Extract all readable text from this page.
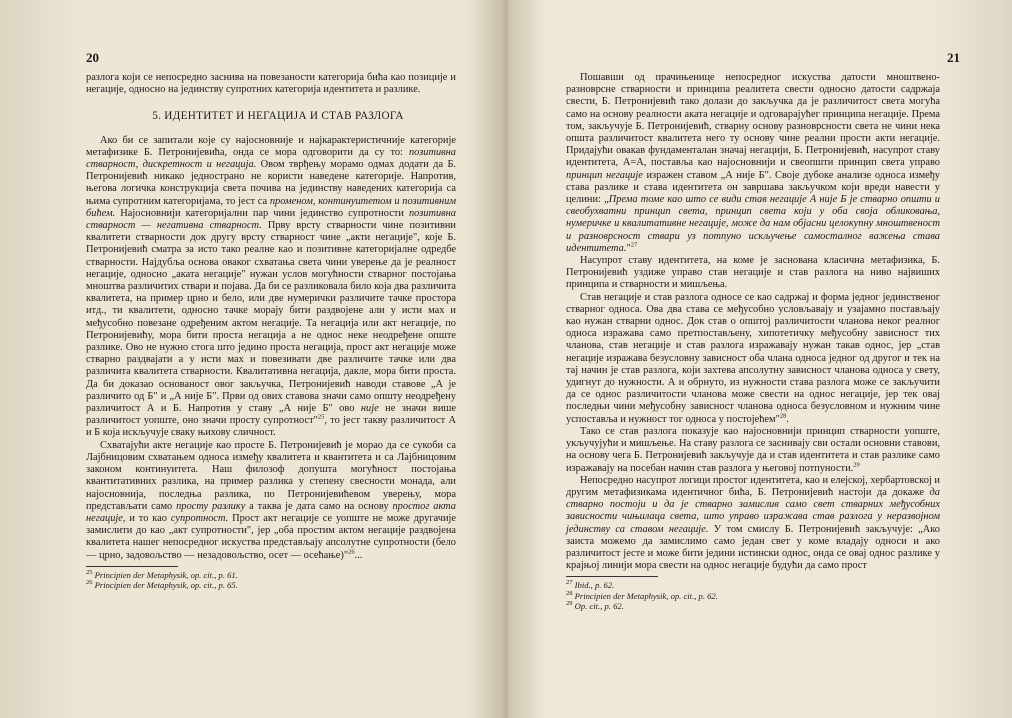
20

разлога који се непосредно заснива на повезаности категорија бића као позиције и негације, односно на јединству супротних категорија идентитета и разлике.

5. ИДЕНТИТЕТ И НЕГАЦИЈА И СТАВ РАЗЛОГА

Ако би се запитали које су најосновније и најкарактеристичније категорије метафизике Б. Петронијевића, онда се мора одговорити да су то: позитивна стварност, дискретност и негација. Овом тврђењу морамо одмах додати да Б. Петронијевић никако једнострано не користи наведене категорије. Напротив, његова логичка конструкција света почива на јединству наведених категорија са њима супротним категоријама, то јест са променом, континуитетом и позитивним бићем. Најосновнији категоријални пар чини јединство супротности позитивна стварност — негативна стварност. Прву врсту стварности чине позитивни квалитети стварности док другу врсту стварност чине „акти негације", које Б. Петронијевић сматра за исто тако реалне као и позитивне категоријалне одредбе стварности. Најдубља основа оваког схватања света чини уверење да је реалност негације, односно „аката негације" нужан услов могућности стварног постојања мноштва различитих ствари и појава. Да би се разликовала било која два различита квалитета, на пример црно и бело, или две нумерички различите тачке простора итд., ти квалитети, односно тачке морају бити раздвојене али у исти мах и међусобно повезане одређеним актом негације. Та негација или акт негације, по Петронијевићу, мора бити проста негација а не однос неке неодређене опште разлике. Ово не нужно стога што једино проста негација, прост акт негације може стварно раздвајати а у исти мах и повезивати две различите тачке или два различита квалитета стварности. Квалитативна негација, дакле, мора бити проста. Да би доказао основаност овог закључка, Петронијевић наводи ставове „А је различито од Б" и „А није Б". Први од ових ставова значи само општу неодређену различитост А и Б. Напротив у ставу „А није Б" ово није не значи више различитост уопште, оно значи просту супротност"$^{25}$, то јест такву различитост А и Б која искључује сваку њихову сличност.

Схватајући акте негације као просте Б. Петронијевић је морао да се сукоби са Лајбницовим схватањем односа између квалитета и квантитета и са Лајбницовим законом континуитета. Наш филозоф допушта могућност постојања квантитативних разлика, на пример разлика у степену свесности монада, али најосновнија, последња разлика, по Петронијевићевом уверењу, мора представљати само просту разлику а таква је дата само на основу простог акта негације, и то као супротност. Прост акт негације се уопште не може другачије замислити до као „акт супротности", јер „оба простим актом негације раздвојена квалитета нашег непосредног искуства представљају апсолутне супротности (бело — црно, задовољство — незадовољство, осет — осећање)"$^{26}$...

$^{25}$ Principien der Metaphysik, op. cit., p. 61.

$^{26}$ Principien der Metaphysik, op. cit., p. 65.

21

Пошавши од прачињенице непосредног искуства датости мноштвено-разноврсне стварности и принципа реалитета свести односно датости садржаја свести, Б. Петронијевић тако долази до закључка да је различитост света могућа само на основу реалности аката негације и одговарајућег принципа негације. Према том, закључује Б. Петронијевић, стварну основу разноврсности света не чини нека општа различитост квалитета него ту основу чине реални прости акти негације. Придајући овакав фундаменталан значај негацији, Б. Петронијевић, насупрот ставу идентитета, А=А, поставља као најосновнији и свеопшти принцип света управо принцип негације изражен ставом „А није Б". Своје дубоке анализе односа између става разлике и става идентитета он завршава закључком који вреди навести у целини: „Према томе као што се види став негације А није Б је стварно општи и свеобухватни принцип света, принцип света који у оба своја обликовања, нумеричке и квалитативне негације, може да нам објасни целокупну мноштвеност и разноврсност ствари уз потпуно искључење самосталног важења става идентитета."$^{27}$

Насупрот ставу идентитета, на коме је заснована класична метафизика, Б. Петронијевић уздиже управо став негације и став разлога на ниво највиших принципа и стварности и мишљења.

Став негације и став разлога односе се као садржај и форма једног јединственог стварног односа. Ова два става се међусобно условљавају и узајамно постављају као нужан стварни однос. Док став о општој различитости чланова неког реалног односа изражава само претпостављену, хипотетичку међусобну зависност тих чланова, став негације и став разлога изражавају нужан такав однос, јер „став негације изражава безусловну зависност оба члана односа једног од другог и тек на тај начин је став разлога, који захтева апсолутну зависност чланова односа у свету, удигнут до нужности. А и обрнуто, из нужности става разлога може се закључити да се однос различитости чланова може свести на однос негације, јер тек овај последњи чини међусобну зависност чланова односа безусловном и нужним чине успоставља и нужност тог односа у постојећем"$^{28}$.

Тако се став разлога показује као најосновнији принцип стварности уопште, укључујући и мишљење. На ставу разлога се заснивају сви остали основни ставови, на основу чега Б. Петронијевић закључује да и став идентитета и став разлике само изражавају на посебан начин став разлога у његовој потпуности.$^{29}$

Непосредно насупрот логици простог идентитета, као и елејској, хербартовској и другим метафизикама идентичног бића, Б. Петронијевић настоји да докаже да стварно постоји и да је стварно замислив само свет стварних међусобних зависности чињилаца света, што управо изражава став разлога у неразвојном јединству са ставом негације. У том смислу Б. Петронијевић закључује: „Ако заиста можемо да замислимо само један свет у коме владају односи и ако различитост јесте и може бити једини истински однос, онда се овај однос разлике у крајњој линији мора свести на однос негације будући да само прост

$^{27}$ Ibid., p. 62.

$^{28}$ Principien der Metaphysik, op. cit., p. 62.

$^{29}$ Op. cit., p. 62.
